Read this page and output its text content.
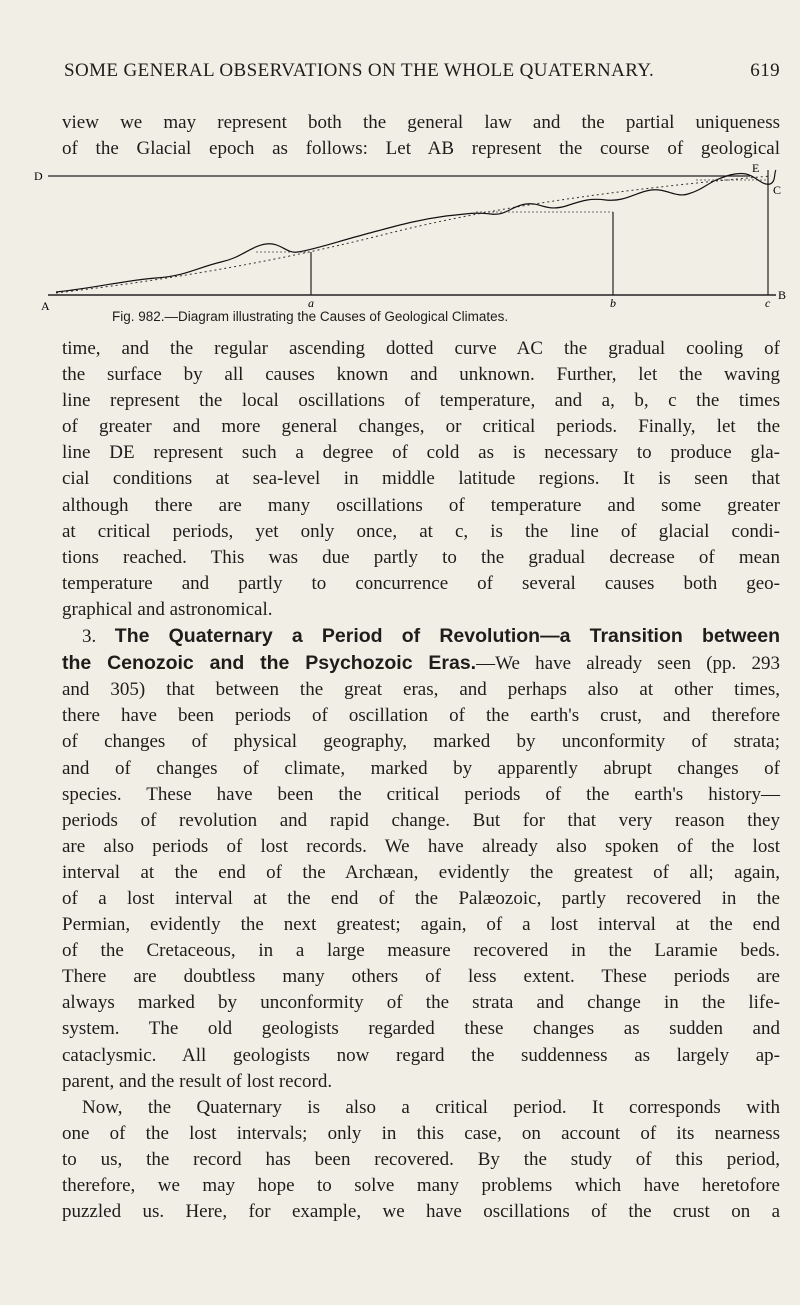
SOME GENERAL OBSERVATIONS ON THE WHOLE QUATERNARY.	619
view we may represent both the general law and the partial uniqueness
of the Glacial epoch as follows: Let AB represent the course of geological
D
E
C
B
A	a	b	c
Fig. 982.—Diagram illustrating the Causes of Geological Climates.

time, and the regular ascending dotted curve AC the gradual cooling of
the surface by all causes known and unknown. Further, let the waving
line represent the local oscillations of temperature, and a, b, c the times
of greater and more general changes, or critical periods. Finally, let the
line DE represent such a degree of cold as is necessary to produce gla-
cial conditions at sea-level in middle latitude regions. It is seen that
although there are many oscillations of temperature and some greater
at critical periods, yet only once, at c, is the line of glacial condi-
tions reached. This was due partly to the gradual decrease of mean
temperature and partly to concurrence of several causes both geo-
graphical and astronomical.

3. The Quaternary a Period of Revolution—a Transition between
the Cenozoic and the Psychozoic Eras.—We have already seen (pp. 293
and 305) that between the great eras, and perhaps also at other times,
there have been periods of oscillation of the earth's crust, and therefore
of changes of physical geography, marked by unconformity of strata;
and of changes of climate, marked by apparently abrupt changes of
species. These have been the critical periods of the earth's history—
periods of revolution and rapid change. But for that very reason they
are also periods of lost records. We have already also spoken of the lost
interval at the end of the Archæan, evidently the greatest of all; again,
of a lost interval at the end of the Palæozoic, partly recovered in the
Permian, evidently the next greatest; again, of a lost interval at the end
of the Cretaceous, in a large measure recovered in the Laramie beds.
There are doubtless many others of less extent. These periods are
always marked by unconformity of the strata and change in the life-
system. The old geologists regarded these changes as sudden and
cataclysmic. All geologists now regard the suddenness as largely ap-
parent, and the result of lost record.

Now, the Quaternary is also a critical period. It corresponds with
one of the lost intervals; only in this case, on account of its nearness
to us, the record has been recovered. By the study of this period,
therefore, we may hope to solve many problems which have heretofore
puzzled us. Here, for example, we have oscillations of the crust on a
